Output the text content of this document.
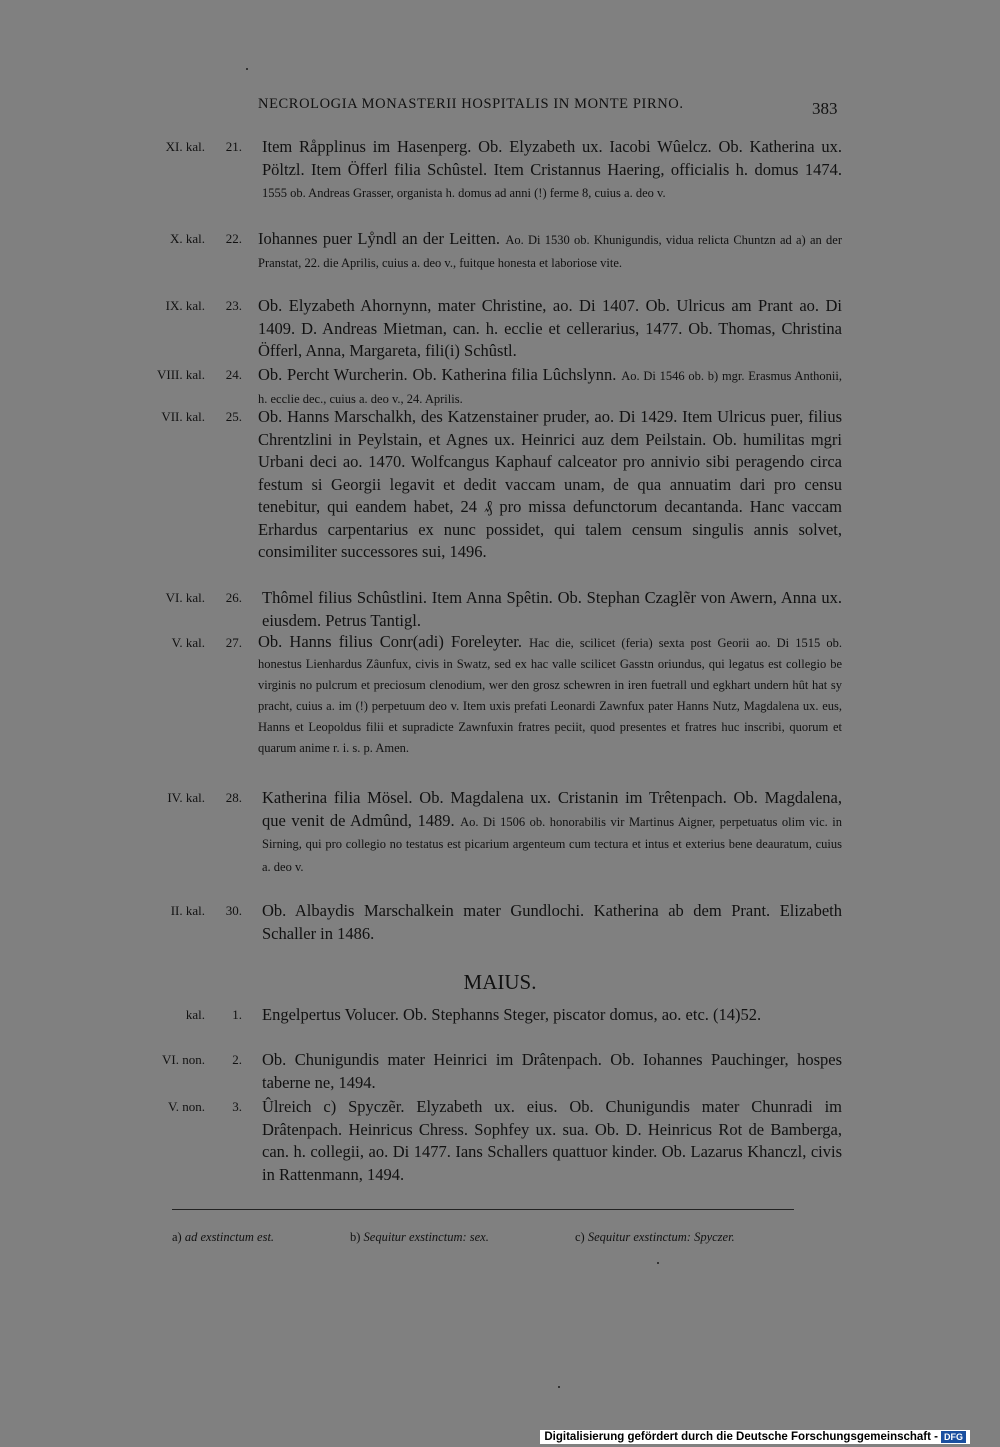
NECROLOGIA MONASTERII HOSPITALIS IN MONTE PIRNO.	383
XI. kal. 21. Item Råpplinus im Hasenperg. Ob. Elyzabeth ux. Iacobi Wûelcz. Ob. Katherina ux. Pöltzl. Item Öfferl filia Schûstel. Item Cristannus Haering, officialis h. domus 1474. 1555 ob. Andreas Grasser, organista h. domus ad anni (!) ferme 8, cuius a. deo v.
X. kal. 22. Iohannes puer Lẙndl an der Leitten. Ao. Di 1530 ob. Khunigundis, vidua relicta Chuntzn ad a) an der Pranstat, 22. die Aprilis, cuius a. deo v., fuitque honesta et laboriose vite.
IX. kal. 23. Ob. Elyzabeth Ahornynn, mater Christine, ao. Di 1407. Ob. Ulricus am Prant ao. Di 1409. D. Andreas Mietman, can. h. ecclie et cellerarius, 1477. Ob. Thomas, Christina Öfferl, Anna, Margareta, fili(i) Schûstl.
VIII. kal. 24. Ob. Percht Wurcherin. Ob. Katherina filia Lûchslynn. Ao. Di 1546 ob. b) mgr. Erasmus Anthonii, h. ecclie dec., cuius a. deo v., 24. Aprilis.
VII. kal. 25. Ob. Hanns Marschalkh, des Katzenstainer pruder, ao. Di 1429. Item Ulricus puer, filius Chrentzlini in Peylstain, et Agnes ux. Heinrici auz dem Peilstain. Ob. humilitas mgri Urbani deci ao. 1470. Wolfcangus Kaphauf calceator pro annivio sibi peragendo circa festum si Georgii legavit et dedit vaccam unam, de qua annuatim dari pro censu tenebitur, qui eandem habet, 24 ₰ pro missa defunctorum decantanda. Hanc vaccam Erhardus carpentarius ex nunc possidet, qui talem censum singulis annis solvet, consimiliter successores sui, 1496.
VI. kal. 26. Thômel filius Schûstlini. Item Anna Spêtin. Ob. Stephan Czaglẽr von Awern, Anna ux. eiusdem. Petrus Tantigl.
V. kal. 27. Ob. Hanns filius Conr(adi) Foreleyter. Hac die, scilicet (feria) sexta post Georii ao. Di 1515 ob. honestus Lienhardus Zâunfux, civis in Swatz, sed ex hac valle scilicet Gasstn oriundus, qui legatus est collegio be virginis no pulcrum et preciosum clenodium, wer den grosz schewren in iren fuetrall und egkhart undern hût hat sy pracht, cuius a. im (!) perpetuum deo v. Item uxis prefati Leonardi Zawnfux pater Hanns Nutz, Magdalena ux. eus, Hanns et Leopoldus filii et supradicte Zawnfuxin fratres peciit, quod presentes et fratres huc inscribi, quorum et quarum anime r. i. s. p. Amen.
IV. kal. 28. Katherina filia Mösel. Ob. Magdalena ux. Cristanin im Trêtenpach. Ob. Magdalena, que venit de Admûnd, 1489. Ao. Di 1506 ob. honorabilis vir Martinus Aigner, perpetuatus olim vic. in Sirning, qui pro collegio no testatus est picarium argenteum cum tectura et intus et exterius bene deauratum, cuius a. deo v.
II. kal. 30. Ob. Albaydis Marschalkein mater Gundlochi. Katherina ab dem Prant. Elizabeth Schaller in 1486.
MAIUS.
kal. 1. Engelpertus Volucer. Ob. Stephanns Steger, piscator domus, ao. etc. (14)52.
VI. non. 2. Ob. Chunigundis mater Heinrici im Drâtenpach. Ob. Iohannes Pauchinger, hospes taberne ne, 1494.
V. non. 3. Ûlreich c) Spyczẽr. Elyzabeth ux. eius. Ob. Chunigundis mater Chunradi im Drâtenpach. Heinricus Chress. Sophfey ux. sua. Ob. D. Heinricus Rot de Bamberga, can. h. collegii, ao. Di 1477. Ians Schallers quattuor kinder. Ob. Lazarus Khanczl, civis in Rattenmann, 1494.
a) ad exstinctum est.	b) Sequitur exstinctum: sex.	c) Sequitur exstinctum: Spyczer.
Digitalisierung gefördert durch die Deutsche Forschungsgemeinschaft - DFG
